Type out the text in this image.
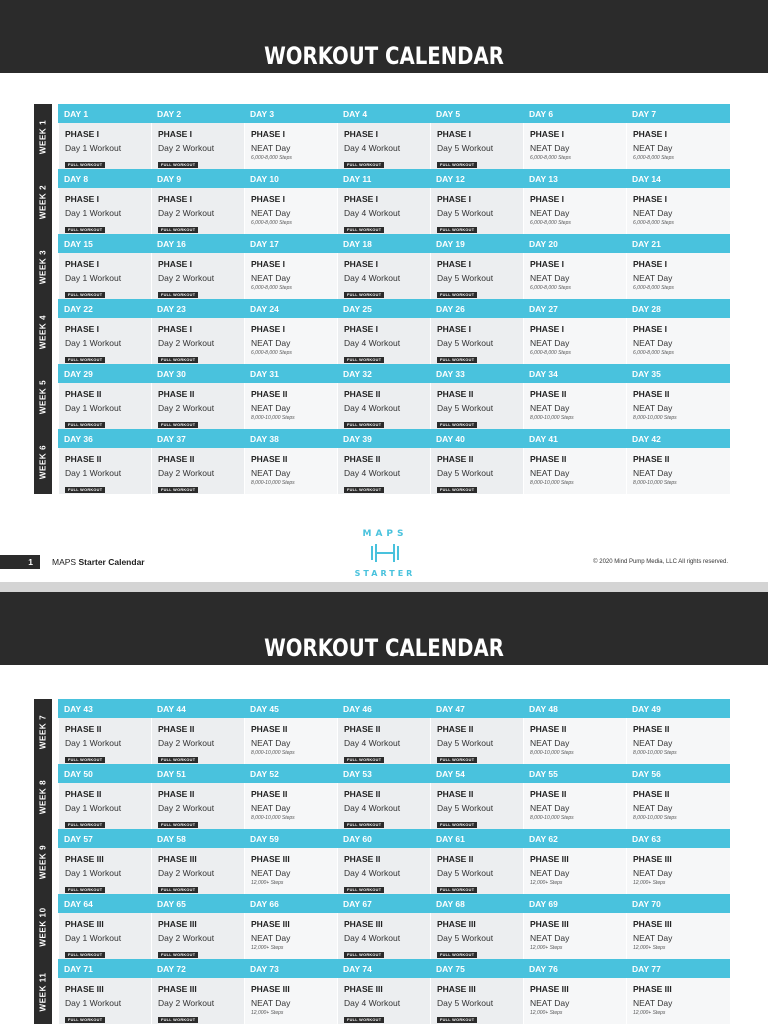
WORKOUT CALENDAR
WEEK 1
DAY 1	DAY 2	DAY 3	DAY 4	DAY 5	DAY 6	DAY 7
PHASE I
Day 1 Workout
FULL WORKOUT
PHASE I
Day 2 Workout
FULL WORKOUT
PHASE I
NEAT Day
6,000-8,000 Steps
PHASE I
Day 4 Workout
FULL WORKOUT
PHASE I
Day 5 Workout
FULL WORKOUT
PHASE I
NEAT Day
6,000-8,000 Steps
PHASE I
NEAT Day
6,000-8,000 Steps
WEEK 2
DAY 8	DAY 9	DAY 10	DAY 11	DAY 12	DAY 13	DAY 14
PHASE I
Day 1 Workout
FULL WORKOUT
PHASE I
Day 2 Workout
FULL WORKOUT
PHASE I
NEAT Day
6,000-8,000 Steps
PHASE I
Day 4 Workout
FULL WORKOUT
PHASE I
Day 5 Workout
FULL WORKOUT
PHASE I
NEAT Day
6,000-8,000 Steps
PHASE I
NEAT Day
6,000-8,000 Steps
WEEK 3
DAY 15	DAY 16	DAY 17	DAY 18	DAY 19	DAY 20	DAY 21
PHASE I
Day 1 Workout
FULL WORKOUT
PHASE I
Day 2 Workout
FULL WORKOUT
PHASE I
NEAT Day
6,000-8,000 Steps
PHASE I
Day 4 Workout
FULL WORKOUT
PHASE I
Day 5 Workout
FULL WORKOUT
PHASE I
NEAT Day
6,000-8,000 Steps
PHASE I
NEAT Day
6,000-8,000 Steps
WEEK 4
DAY 22	DAY 23	DAY 24	DAY 25	DAY 26	DAY 27	DAY 28
PHASE I
Day 1 Workout
FULL WORKOUT
PHASE I
Day 2 Workout
FULL WORKOUT
PHASE I
NEAT Day
6,000-8,000 Steps
PHASE I
Day 4 Workout
FULL WORKOUT
PHASE I
Day 5 Workout
FULL WORKOUT
PHASE I
NEAT Day
6,000-8,000 Steps
PHASE I
NEAT Day
6,000-8,000 Steps
WEEK 5
DAY 29	DAY 30	DAY 31	DAY 32	DAY 33	DAY 34	DAY 35
PHASE II
Day 1 Workout
FULL WORKOUT
PHASE II
Day 2 Workout
FULL WORKOUT
PHASE II
NEAT Day
8,000-10,000 Steps
PHASE II
Day 4 Workout
FULL WORKOUT
PHASE II
Day 5 Workout
FULL WORKOUT
PHASE II
NEAT Day
8,000-10,000 Steps
PHASE II
NEAT Day
8,000-10,000 Steps
WEEK 6
DAY 36	DAY 37	DAY 38	DAY 39	DAY 40	DAY 41	DAY 42
PHASE II
Day 1 Workout
FULL WORKOUT
PHASE II
Day 2 Workout
FULL WORKOUT
PHASE II
NEAT Day
8,000-10,000 Steps
PHASE II
Day 4 Workout
FULL WORKOUT
PHASE II
Day 5 Workout
FULL WORKOUT
PHASE II
NEAT Day
8,000-10,000 Steps
PHASE II
NEAT Day
8,000-10,000 Steps
MAPS
STARTER
1	MAPS Starter Calendar	© 2020 Mind Pump Media, LLC All rights reserved.
WORKOUT CALENDAR
WEEK 7
DAY 43	DAY 44	DAY 45	DAY 46	DAY 47	DAY 48	DAY 49
PHASE II
Day 1 Workout
FULL WORKOUT
PHASE II
Day 2 Workout
FULL WORKOUT
PHASE II
NEAT Day
8,000-10,000 Steps
PHASE II
Day 4 Workout
FULL WORKOUT
PHASE II
Day 5 Workout
FULL WORKOUT
PHASE II
NEAT Day
8,000-10,000 Steps
PHASE II
NEAT Day
8,000-10,000 Steps
WEEK 8
DAY 50	DAY 51	DAY 52	DAY 53	DAY 54	DAY 55	DAY 56
PHASE II
Day 1 Workout
FULL WORKOUT
PHASE II
Day 2 Workout
FULL WORKOUT
PHASE II
NEAT Day
8,000-10,000 Steps
PHASE II
Day 4 Workout
FULL WORKOUT
PHASE II
Day 5 Workout
FULL WORKOUT
PHASE II
NEAT Day
8,000-10,000 Steps
PHASE II
NEAT Day
8,000-10,000 Steps
WEEK 9
DAY 57	DAY 58	DAY 59	DAY 60	DAY 61	DAY 62	DAY 63
PHASE III
Day 1 Workout
FULL WORKOUT
PHASE III
Day 2 Workout
FULL WORKOUT
PHASE III
NEAT Day
12,000+ Steps
PHASE II
Day 4 Workout
FULL WORKOUT
PHASE II
Day 5 Workout
FULL WORKOUT
PHASE III
NEAT Day
12,000+ Steps
PHASE III
NEAT Day
12,000+ Steps
WEEK 10
DAY 64	DAY 65	DAY 66	DAY 67	DAY 68	DAY 69	DAY 70
PHASE III
Day 1 Workout
FULL WORKOUT
PHASE III
Day 2 Workout
FULL WORKOUT
PHASE III
NEAT Day
12,000+ Steps
PHASE III
Day 4 Workout
FULL WORKOUT
PHASE III
Day 5 Workout
FULL WORKOUT
PHASE III
NEAT Day
12,000+ Steps
PHASE III
NEAT Day
12,000+ Steps
WEEK 11
DAY 71	DAY 72	DAY 73	DAY 74	DAY 75	DAY 76	DAY 77
PHASE III
Day 1 Workout
FULL WORKOUT
PHASE III
Day 2 Workout
FULL WORKOUT
PHASE III
NEAT Day
12,000+ Steps
PHASE III
Day 4 Workout
FULL WORKOUT
PHASE III
Day 5 Workout
FULL WORKOUT
PHASE III
NEAT Day
12,000+ Steps
PHASE III
NEAT Day
12,000+ Steps
